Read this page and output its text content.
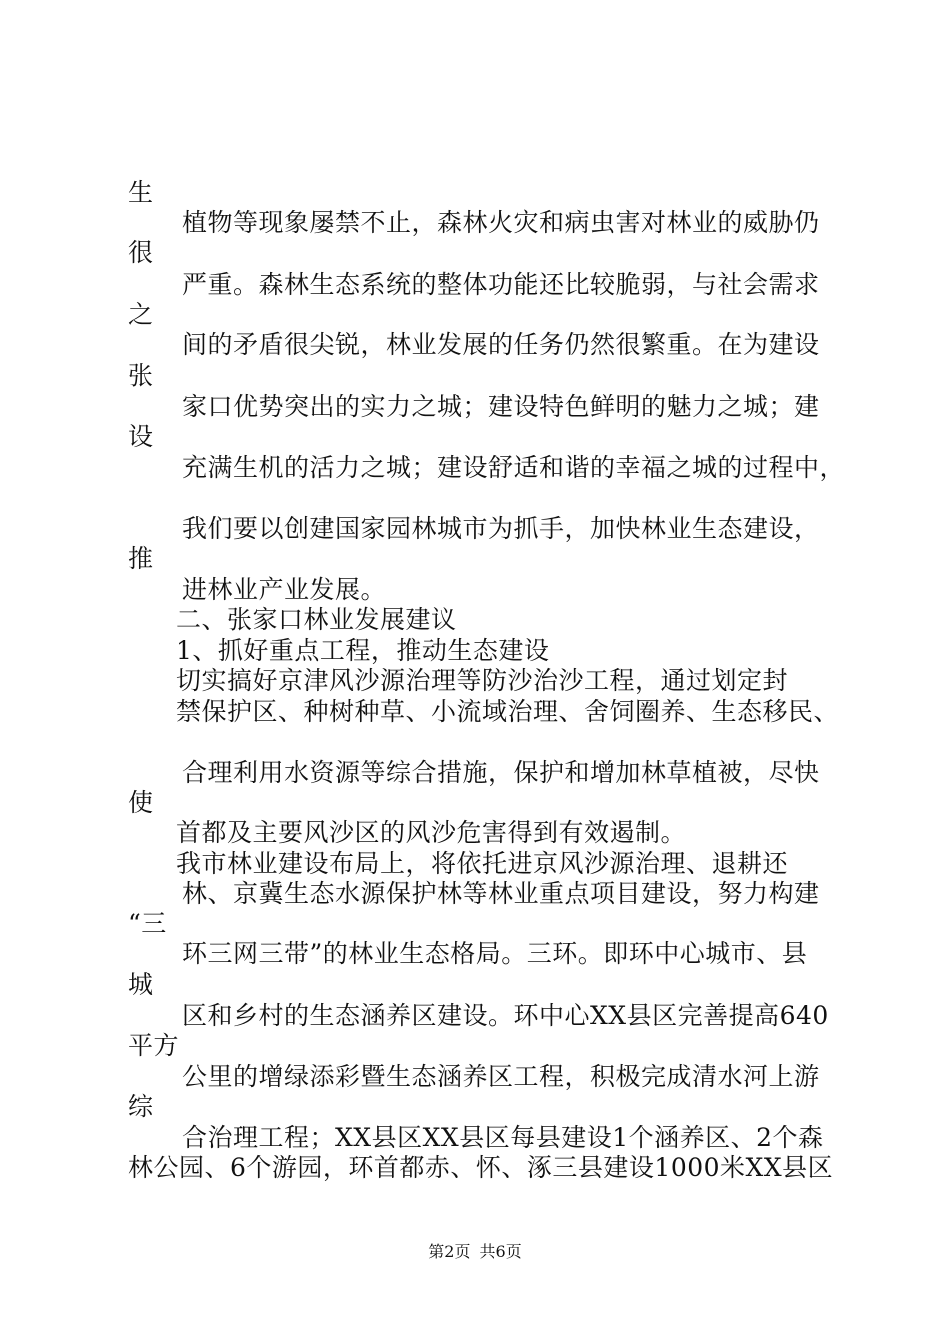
生
植物等现象屡禁不止，森林火灾和病虫害对林业的威胁仍
很
严重。森林生态系统的整体功能还比较脆弱，与社会需求
之
间的矛盾很尖锐，林业发展的任务仍然很繁重。在为建设
张
家口优势突出的实力之城；建设特色鲜明的魅力之城；建
设
充满生机的活力之城；建设舒适和谐的幸福之城的过程中，
我们要以创建国家园林城市为抓手，加快林业生态建设，
推
进林业产业发展。
二、张家口林业发展建议
1、抓好重点工程，推动生态建设
切实搞好京津风沙源治理等防沙治沙工程，通过划定封
禁保护区、种树种草、小流域治理、舍饲圈养、生态移民、
合理利用水资源等综合措施，保护和增加林草植被，尽快
使
首都及主要风沙区的风沙危害得到有效遏制。
我市林业建设布局上，将依托进京风沙源治理、退耕还
林、京冀生态水源保护林等林业重点项目建设，努力构建
“三
环三网三带”的林业生态格局。三环。即环中心城市、县
城
区和乡村的生态涵养区建设。环中心XX县区完善提高640
平方
公里的增绿添彩暨生态涵养区工程，积极完成清水河上游
综
合治理工程；XX县区XX县区每县建设1个涵养区、2个森
林公园、6个游园，环首都赤、怀、涿三县建设1000米XX县区
第2页 共6页
